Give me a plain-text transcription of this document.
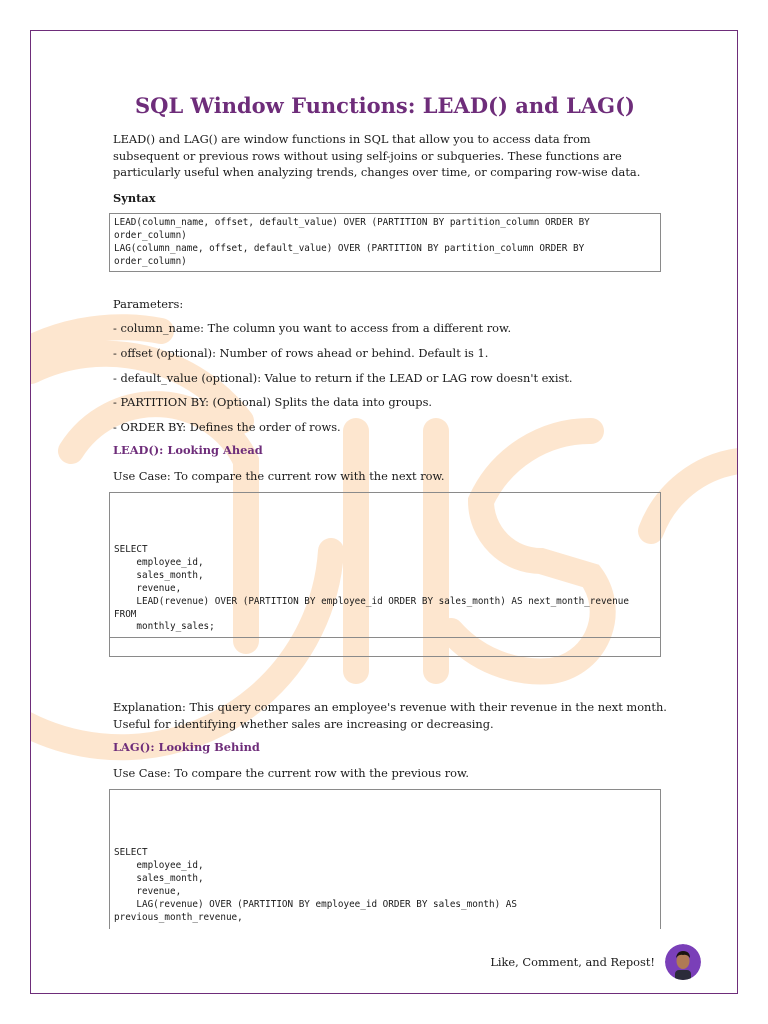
SQL Window Functions: LEAD() and LAG()

LEAD() and LAG() are window functions in SQL that allow you to access data from subsequent or previous rows without using self-joins or subqueries. These functions are particularly useful when analyzing trends, changes over time, or comparing row-wise data.

Syntax

LEAD(column_name, offset, default_value) OVER (PARTITION BY partition_column ORDER BY
order_column)
LAG(column_name, offset, default_value) OVER (PARTITION BY partition_column ORDER BY
order_column)

Parameters:

- column_name: The column you want to access from a different row.

- offset (optional): Number of rows ahead or behind. Default is 1.

- default_value (optional): Value to return if the LEAD or LAG row doesn't exist.

- PARTITION BY: (Optional) Splits the data into groups.

- ORDER BY: Defines the order of rows.

LEAD(): Looking Ahead

Use Case: To compare the current row with the next row.

SELECT
employee_id,
sales_month,
revenue,
LEAD(revenue) OVER (PARTITION BY employee_id ORDER BY sales_month) AS next_month_revenue
FROM
monthly_sales;

Explanation: This query compares an employee's revenue with their revenue in the next month. Useful for identifying whether sales are increasing or decreasing.

LAG(): Looking Behind

Use Case: To compare the current row with the previous row.

SELECT
employee_id,
sales_month,
revenue,
LAG(revenue) OVER (PARTITION BY employee_id ORDER BY sales_month) AS
previous_month_revenue,
Like, Comment, and Repost!
